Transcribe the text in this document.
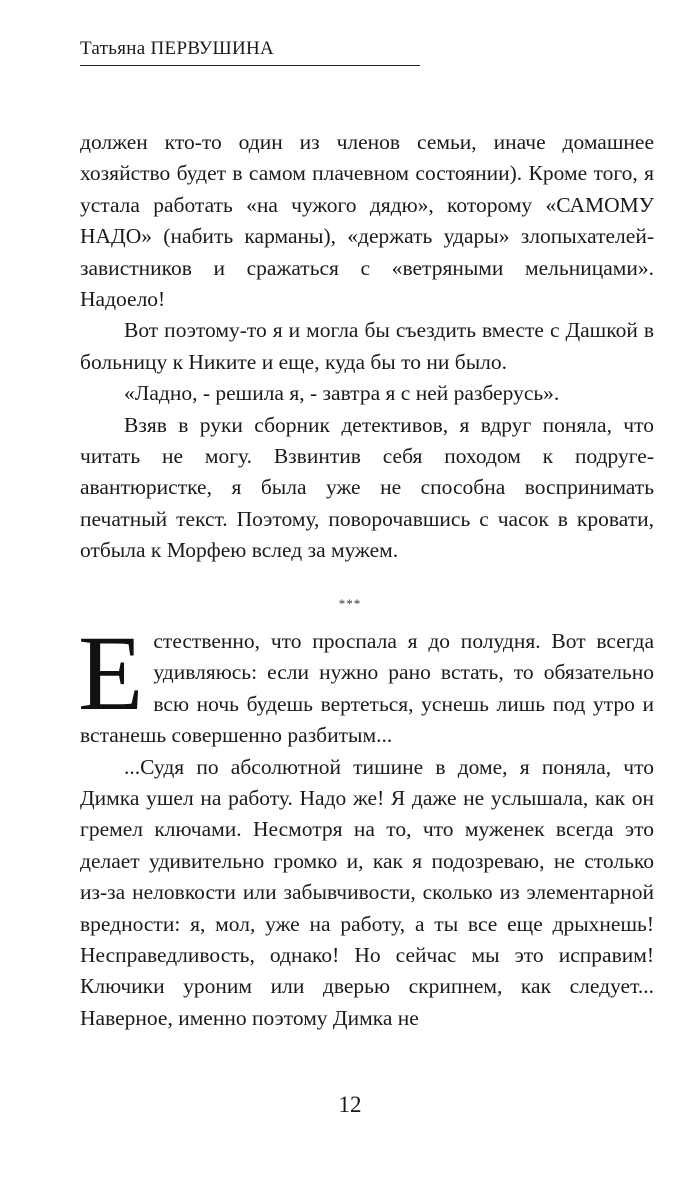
Татьяна ПЕРВУШИНА

должен кто-то один из членов семьи, иначе домашнее хозяйство будет в самом плачевном состоянии). Кроме того, я устала работать «на чужого дядю», которому «САМОМУ НАДО» (набить карманы), «держать удары» злопыхателей-завистников и сражаться с «ветряными мельницами». Надоело!

Вот поэтому-то я и могла бы съездить вместе с Дашкой в больницу к Никите и еще, куда бы то ни было.

«Ладно, - решила я, - завтра я с ней разберусь».

Взяв в руки сборник детективов, я вдруг поняла, что читать не могу. Взвинтив себя походом к подруге-авантюристке, я была уже не способна воспринимать печатный текст. Поэтому, поворочавшись с часок в кровати, отбыла к Морфею вслед за мужем.

***

Естественно, что проспала я до полудня. Вот всегда удивляюсь: если нужно рано встать, то обязательно всю ночь будешь вертеться, уснешь лишь под утро и встанешь совершенно разбитым...

...Судя по абсолютной тишине в доме, я поняла, что Димка ушел на работу. Надо же! Я даже не услышала, как он гремел ключами. Несмотря на то, что муженек всегда это делает удивительно громко и, как я подозреваю, не столько из-за неловкости или забывчивости, сколько из элементарной вредности: я, мол, уже на работу, а ты все еще дрыхнешь! Несправедливость, однако! Но сейчас мы это исправим! Ключики уроним или дверью скрипнем, как следует... Наверное, именно поэтому Димка не

12
